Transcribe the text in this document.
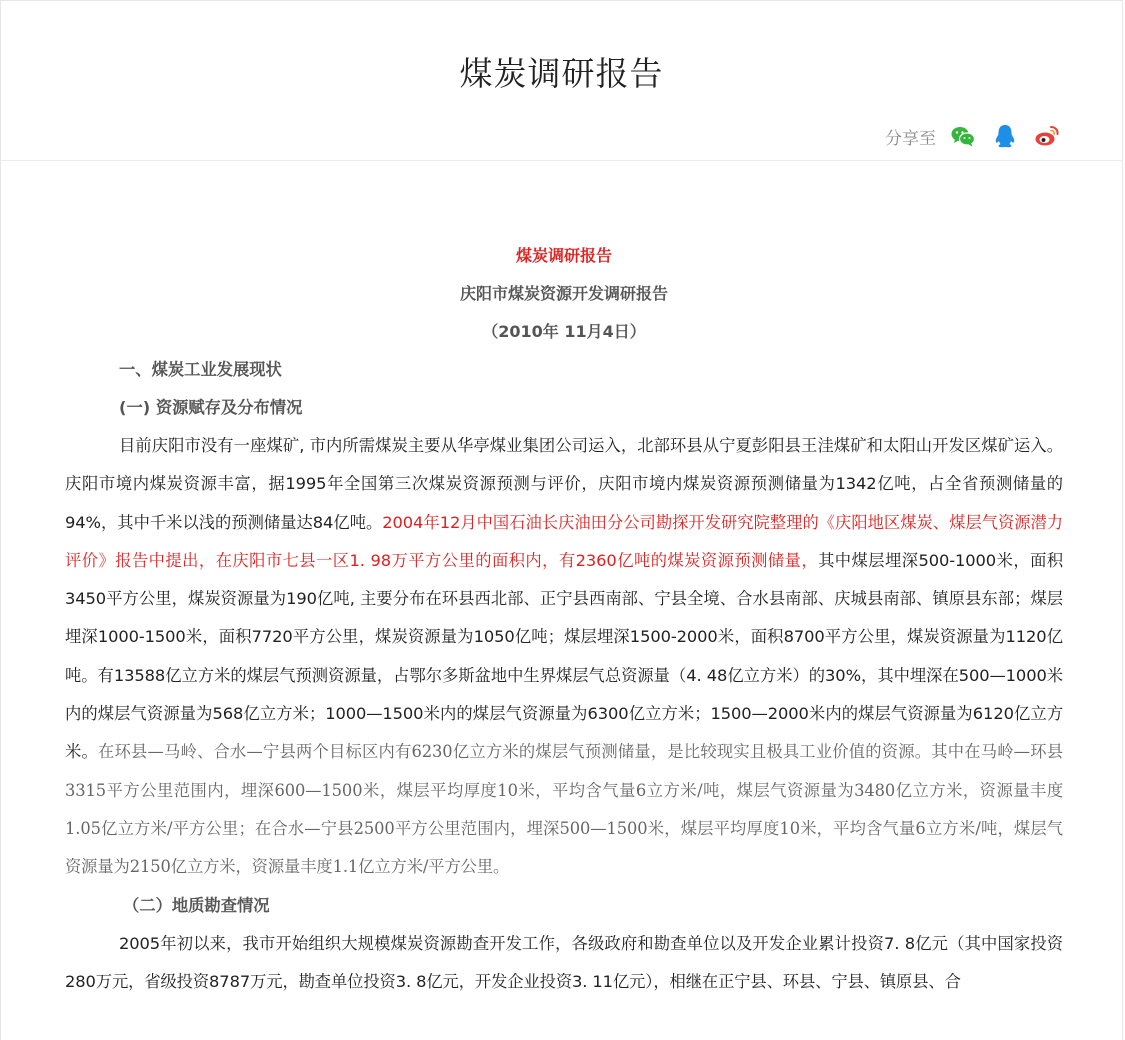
煤炭调研报告
分享至
煤炭调研报告
庆阳市煤炭资源开发调研报告
（2010年 11月4日）
一、煤炭工业发展现状
(一) 资源赋存及分布情况

目前庆阳市没有一座煤矿, 市内所需煤炭主要从华亭煤业集团公司运入，北部环县从宁夏彭阳县王洼煤矿和太阳山开发区煤矿运入。庆阳市境内煤炭资源丰富，据1995年全国第三次煤炭资源预测与评价，庆阳市境内煤炭资源预测储量为1342亿吨，占全省预测储量的94%，其中千米以浅的预测储量达84亿吨。2004年12月中国石油长庆油田分公司勘探开发研究院整理的《庆阳地区煤炭、煤层气资源潜力评价》报告中提出，在庆阳市七县一区1. 98万平方公里的面积内，有2360亿吨的煤炭资源预测储量，其中煤层埋深500-1000米，面积3450平方公里，煤炭资源量为190亿吨, 主要分布在环县西北部、正宁县西南部、宁县全境、合水县南部、庆城县南部、镇原县东部；煤层埋深1000-1500米，面积7720平方公里，煤炭资源量为1050亿吨；煤层埋深1500-2000米，面积8700平方公里，煤炭资源量为1120亿吨。有13588亿立方米的煤层气预测资源量，占鄂尔多斯盆地中生界煤层气总资源量（4. 48亿立方米）的30%，其中埋深在500—1000米内的煤层气资源量为568亿立方米；1000—1500米内的煤层气资源量为6300亿立方米；1500—2000米内的煤层气资源量为6120亿立方米。在环县—马岭、合水—宁县两个目标区内有6230亿立方米的煤层气预测储量，是比较现实且极具工业价值的资源。其中在马岭—环县3315平方公里范围内，埋深600—1500米，煤层平均厚度10米，平均含气量6立方米/吨，煤层气资源量为3480亿立方米，资源量丰度1.05亿立方米/平方公里；在合水—宁县2500平方公里范围内，埋深500—1500米，煤层平均厚度10米，平均含气量6立方米/吨，煤层气资源量为2150亿立方米，资源量丰度1.1亿立方米/平方公里。

（二）地质勘查情况

2005年初以来，我市开始组织大规模煤炭资源勘查开发工作，各级政府和勘查单位以及开发企业累计投资7. 8亿元（其中国家投资280万元，省级投资8787万元，勘查单位投资3. 8亿元，开发企业投资3. 11亿元），相继在正宁县、环县、宁县、镇原县、合
